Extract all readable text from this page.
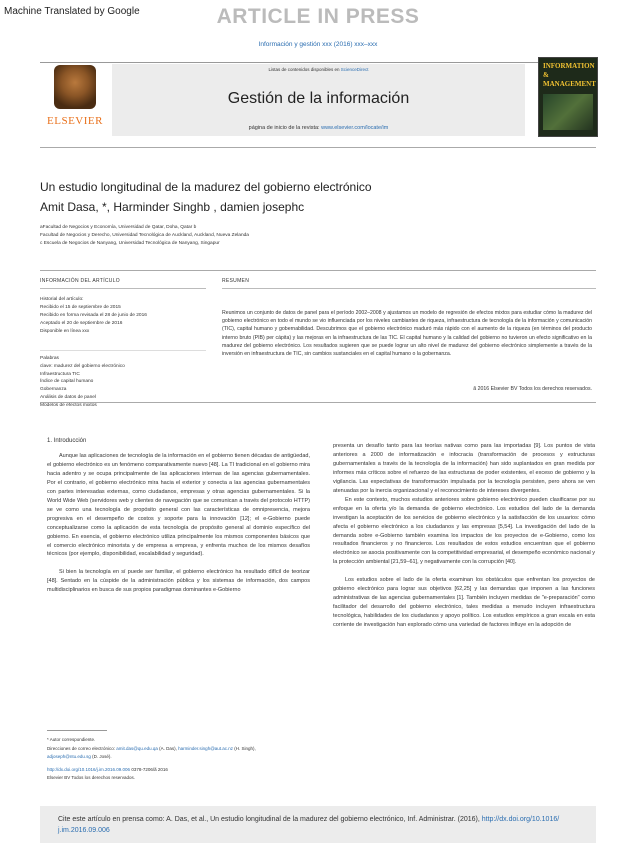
Machine Translated by Google	ARTICLE IN PRESS
Información y gestión xxx (2016) xxx–xxx
ELSEVIER
Listas de contenidos disponibles en ScienceDirect
Gestión de la información
página de inicio de la revista: www.elsevier.com/locate/im
INFORMATION
&
MANAGEMENT
Un estudio longitudinal de la madurez del gobierno electrónico
Amit Dasa, *, Harminder Singhb , damien josephc
aFacultad de Negocios y Economía, Universidad de Qatar, Doha, Qatar b
Facultad de Negocios y Derecho, Universidad Tecnológica de Auckland, Auckland, Nueva Zelanda
c Escuela de Negocios de Nanyang, Universidad Tecnológica de Nanyang, Singapur
INFORMACIÓN DEL ARTÍCULO
Historial del artículo:
Recibido el 15 de septiembre de 2015
Recibido en forma revisada el 28 de junio de 2016
Aceptado el 20 de septiembre de 2016
Disponible en línea xxx
Palabras
clave: madurez del gobierno electrónico
Infraestructura TIC
Índice de capital humano
Gobernanza
Análisis de datos de panel
Modelos de efectos mixtos
RESUMEN
Reunimos un conjunto de datos de panel para el período 2002–2008 y ajustamos un modelo de regresión de efectos mixtos para estudiar cómo la madurez del gobierno electrónico en todo el mundo se vio influenciada por los niveles cambiantes de riqueza, infraestructura de tecnología de la información y comunicación (TIC), capital humano y gobernabilidad. Descubrimos que el gobierno electrónico maduró más rápido con el aumento de la riqueza (en términos del producto interno bruto (PIB) per cápita) y las mejoras en la infraestructura de las TIC. El capital humano y la calidad del gobierno no tuvieron un efecto significativo en la madurez del gobierno electrónico. Los resultados sugieren que se puede lograr un alto nivel de madurez del gobierno electrónico simplemente a través de la inversión en infraestructura de TIC, sin cambios sustanciales en el capital humano o la gobernanza.
ã 2016 Elsevier BV Todos los derechos reservados.
1. Introducción

Aunque las aplicaciones de tecnología de la información en el gobierno tienen décadas de antigüedad, el gobierno electrónico es un fenómeno comparativamente nuevo [48]. La TI tradicional en el gobierno mira hacia adentro y se ocupa principalmente de las aplicaciones internas de las agencias gubernamentales. Por el contrario, el gobierno electrónico mira hacia el exterior y conecta a las agencias gubernamentales con partes interesadas externas, como ciudadanos, empresas y otras agencias gubernamentales. Si la World Wide Web (servidores web y clientes de navegación que se comunican a través del protocolo HTTP) se ve como una tecnología de propósito general con las características de omnipresencia, mejora progresiva en el desempeño de costos y soporte para la innovación [12]; el e-Gobierno puede conceptualizarse como la aplicación de esta tecnología de propósito general al dominio específico del gobierno. En esencia, el gobierno electrónico utiliza principalmente los mismos componentes básicos que el comercio electrónico minorista y de empresa a empresa, y enfrenta muchos de los mismos desafíos técnicos (por ejemplo, disponibilidad, escalabilidad y seguridad).

Si bien la tecnología en sí puede ser familiar, el gobierno electrónico ha resultado difícil de teorizar [48]. Sentado en la cúspide de la administración pública y los sistemas de información, dos campos multidisciplinarios en busca de sus propios paradigmas dominantes e-Gobierno

presenta un desafío tanto para las teorías nativas como para las importadas [9]. Los puntos de vista anteriores a 2000 de informatización e infocracia (transformación de procesos y estructuras gubernamentales a través de la tecnología de la información) han sido suplantados en gran medida por informes más críticos sobre el refuerzo de las estructuras de poder existentes, el exceso de gobierno y la vigilancia. Las expectativas de transformación impulsada por la tecnología persisten, pero ahora se ven atenuadas por la inercia organizacional y el reconocimiento de intereses divergentes.

En este contexto, muchos estudios anteriores sobre gobierno electrónico pueden clasificarse por su enfoque en la oferta y/o la demanda de gobierno electrónico. Los estudios del lado de la demanda investigan la aceptación de los servicios de gobierno electrónico y la satisfacción de los usuarios: cómo afecta el gobierno electrónico a los ciudadanos y las empresas [5,54]. La investigación del lado de la demanda sobre e-Gobierno también examina los impactos de los proyectos de e-Gobierno, como los resultados financieros y no financieros. Los resultados de estos estudios encuentran que el gobierno electrónico se asocia positivamente con la competitividad empresarial, el desempeño económico nacional y la protección ambiental [21,59–61], y negativamente con la corrupción [40].

Los estudios sobre el lado de la oferta examinan los obstáculos que enfrentan los proyectos de gobierno electrónico para lograr sus objetivos [62,25] y las demandas que imponen a las funciones administrativas de las agencias gubernamentales [1]. También incluyen medidas de "e-preparación" como facilitador del desarrollo del gobierno electrónico, tales medidas a menudo incluyen infraestructura tecnológica, habilidades de los ciudadanos y apoyo político. Los estudios empíricos a gran escala en esta corriente de investigación han explorado cómo una variedad de factores influye en la adopción de

* Autor correspondiente.
Direcciones de correo electrónico: amit.das@qu.edu.qa (A. Das), harminder.singh@aut.ac.nz (H. Singh),
adjoseph@ntu.edu.sg (D. José).
http://dx.doi.org/10.1016/j.im.2016.09.006 0378-7206/ã 2016
Elsevier BV Todos los derechos reservados.
Cite este artículo en prensa como: A. Das, et al., Un estudio longitudinal de la madurez del gobierno electrónico, Inf. Administrar. (2016), http://dx.doi.org/10.1016/ j.im.2016.09.006
